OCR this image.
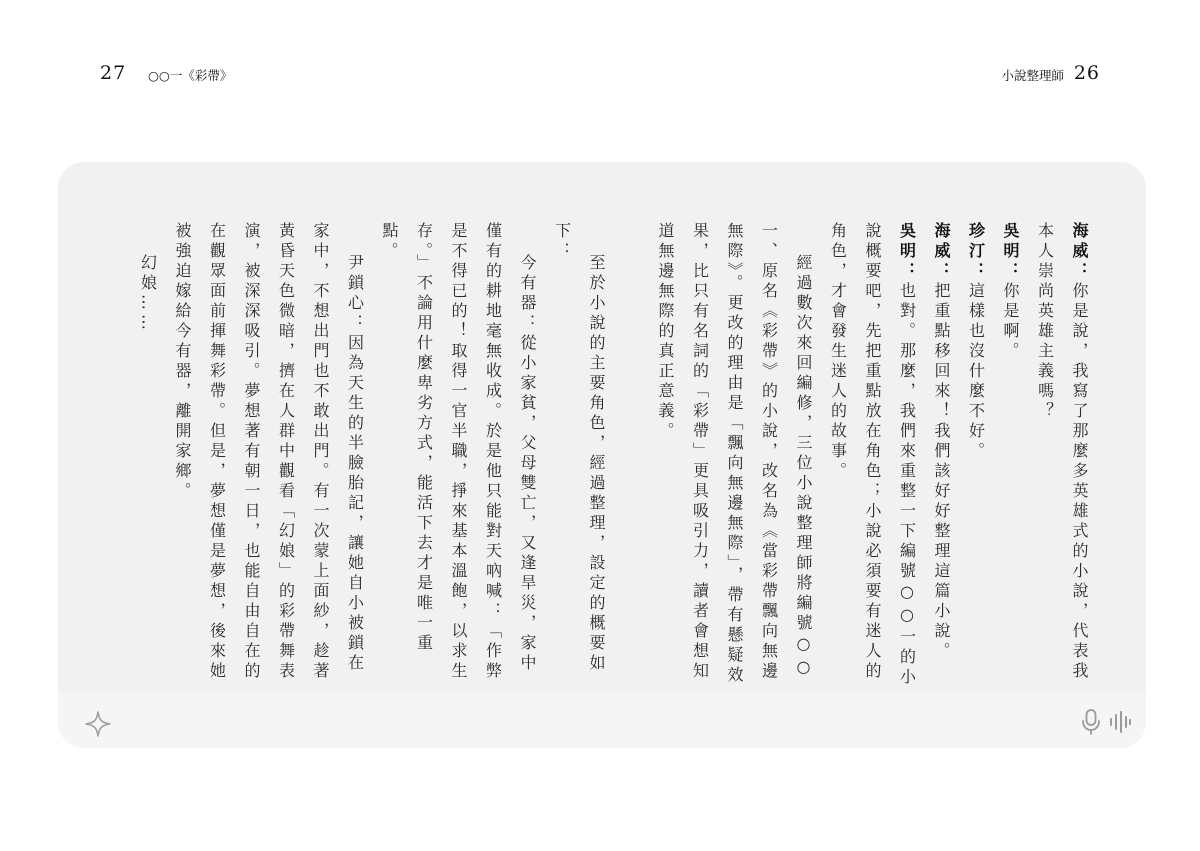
27 ○○一《彩帶》	小說整理師 26

海威：你是說，我寫了那麼多英雄式的小說，代表我本人崇尚英雄主義嗎？

吳明：你是啊。

珍汀：這樣也沒什麼不好。

海威：把重點移回來！我們該好好整理這篇小說。

吳明：也對。那麼，我們來重整一下編號○○一的小說概要吧，先把重點放在角色；小說必須要有迷人的角色，才會發生迷人的故事。

經過數次來回編修，三位小說整理師將編號○○一、原名《彩帶》的小說，改名為《當彩帶飄向無邊無際》。更改的理由是「飄向無邊無際」，帶有懸疑效果，比只有名詞的「彩帶」更具吸引力，讀者會想知道無邊無際的真正意義。

至於小說的主要角色，經過整理，設定的概要如下：

今有器：從小家貧，父母雙亡，又逢旱災，家中僅有的耕地毫無收成。於是他只能對天吶喊：「作弊是不得已的！取得一官半職，掙來基本溫飽，以求生存。」不論用什麼卑劣方式，能活下去才是唯一重點。

尹鎖心：因為天生的半臉胎記，讓她自小被鎖在家中，不想出門也不敢出門。有一次蒙上面紗，趁著黃昏天色微暗，擠在人群中觀看「幻娘」的彩帶舞表演，被深深吸引。夢想著有朝一日，也能自由自在的在觀眾面前揮舞彩帶。但是，夢想僅是夢想，後來她被強迫嫁給今有器，離開家鄉。

幻娘……
